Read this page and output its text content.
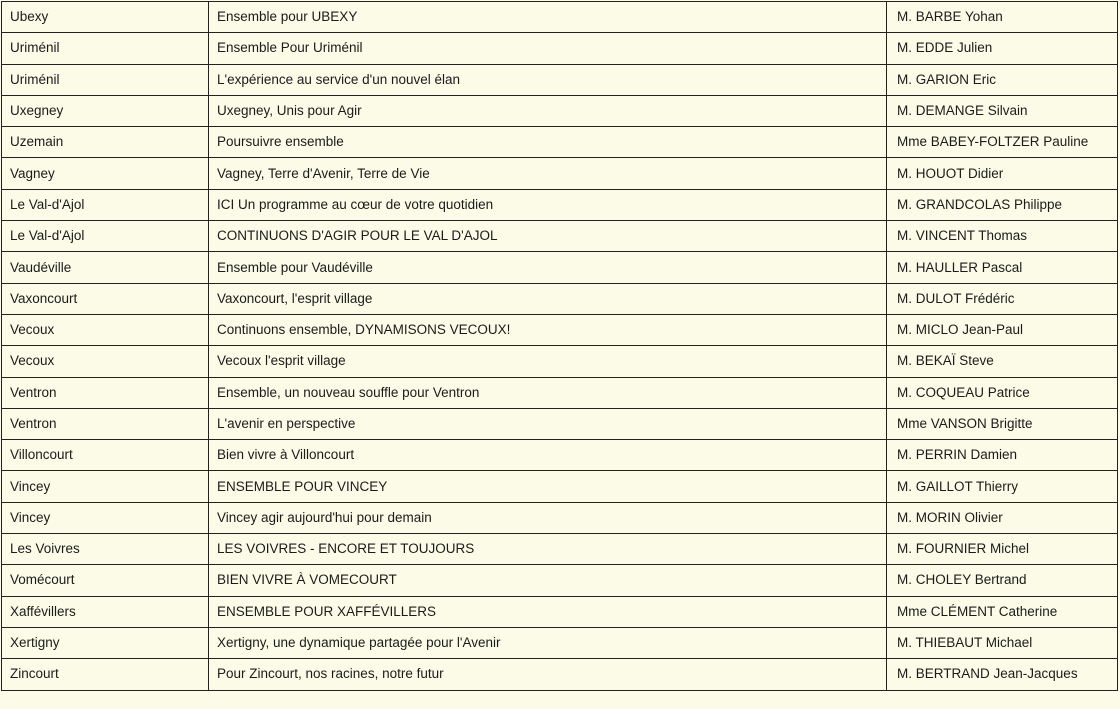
Ubexy	Ensemble pour UBEXY	M. BARBE Yohan
Uriménil	Ensemble Pour Uriménil	M. EDDE Julien
Uriménil	L'expérience au service d'un nouvel élan	M. GARION Eric
Uxegney	Uxegney, Unis pour Agir	M. DEMANGE Silvain
Uzemain	Poursuivre ensemble	Mme BABEY-FOLTZER Pauline
Vagney	Vagney, Terre d'Avenir, Terre de Vie	M. HOUOT Didier
Le Val-d'Ajol	ICI Un programme au cœur de votre quotidien	M. GRANDCOLAS Philippe
Le Val-d'Ajol	CONTINUONS D'AGIR POUR LE VAL D'AJOL	M. VINCENT Thomas
Vaudéville	Ensemble pour Vaudéville	M. HAULLER Pascal
Vaxoncourt	Vaxoncourt, l'esprit village	M. DULOT Frédéric
Vecoux	Continuons ensemble, DYNAMISONS VECOUX!	M. MICLO Jean-Paul
Vecoux	Vecoux l'esprit village	M. BEKAÏ Steve
Ventron	Ensemble, un nouveau souffle pour Ventron	M. COQUEAU Patrice
Ventron	L'avenir en perspective	Mme VANSON Brigitte
Villoncourt	Bien vivre à Villoncourt	M. PERRIN Damien
Vincey	ENSEMBLE POUR VINCEY	M. GAILLOT Thierry
Vincey	Vincey agir aujourd'hui pour demain	M. MORIN Olivier
Les Voivres	LES VOIVRES - ENCORE ET TOUJOURS	M. FOURNIER Michel
Vomécourt	BIEN VIVRE À VOMECOURT	M. CHOLEY Bertrand
Xaffévillers	ENSEMBLE POUR XAFFÉVILLERS	Mme CLÉMENT Catherine
Xertigny	Xertigny, une dynamique partagée pour l'Avenir	M. THIEBAUT Michael
Zincourt	Pour Zincourt, nos racines, notre futur	M. BERTRAND Jean-Jacques
